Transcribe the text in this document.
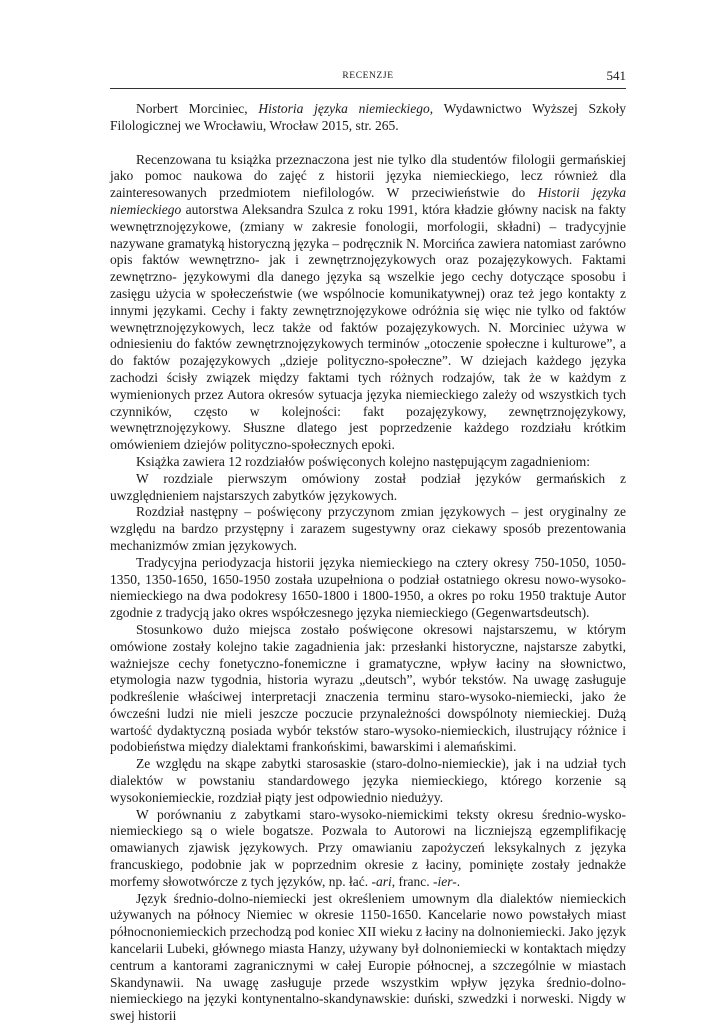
RECENZJE	541

Norbert Morciniec, Historia języka niemieckiego, Wydawnictwo Wyższej Szkoły Filologicznej we Wrocławiu, Wrocław 2015, str. 265.

Recenzowana tu książka przeznaczona jest nie tylko dla studentów filologii germańskiej jako pomoc naukowa do zajęć z historii języka niemieckiego, lecz również dla zainteresowanych przedmiotem niefilologów. W przeciwieństwie do Historii języka niemieckiego autorstwa Aleksandra Szulca z roku 1991, która kładzie główny nacisk na fakty wewnętrznojęzykowe, (zmiany w zakresie fonologii, morfologii, składni) – tradycyjnie nazywane gramatyką historyczną języka – podręcznik N. Morcińca zawiera natomiast zarówno opis faktów wewnętrzno- jak i zewnętrznojęzykowych oraz pozajęzykowych. Faktami zewnętrzno- językowymi dla danego języka są wszelkie jego cechy dotyczące sposobu i zasięgu użycia w społeczeństwie (we wspólnocie komunikatywnej) oraz też jego kontakty z innymi językami. Cechy i fakty zewnętrznojęzykowe odróżnia się więc nie tylko od faktów wewnętrznojęzykowych, lecz także od faktów pozajęzykowych. N. Morciniec używa w odniesieniu do faktów zewnętrznojęzykowych terminów „otoczenie społeczne i kulturowe”, a do faktów pozajęzykowych „dzieje polityczno-społeczne”. W dziejach każdego języka zachodzi ścisły związek między faktami tych różnych rodzajów, tak że w każdym z wymienionych przez Autora okresów sytuacja języka niemieckiego zależy od wszystkich tych czynników, często w kolejności: fakt pozajęzykowy, zewnętrznojęzykowy, wewnętrznojęzykowy. Słuszne dlatego jest poprzedzenie każdego rozdziału krótkim omówieniem dziejów polityczno-społecznych epoki.

Książka zawiera 12 rozdziałów poświęconych kolejno następującym zagadnieniom:

W rozdziale pierwszym omówiony został podział języków germańskich z uwzględnieniem najstarszych zabytków językowych.

Rozdział następny – poświęcony przyczynom zmian językowych – jest oryginalny ze względu na bardzo przystępny i zarazem sugestywny oraz ciekawy sposób prezentowania mechanizmów zmian językowych.

Tradycyjna periodyzacja historii języka niemieckiego na cztery okresy 750-1050, 1050-1350, 1350-1650, 1650-1950 została uzupełniona o podział ostatniego okresu nowo-wysoko-niemieckiego na dwa podokresy 1650-1800 i 1800-1950, a okres po roku 1950 traktuje Autor zgodnie z tradycją jako okres współczesnego języka niemieckiego (Gegenwartsdeutsch).

Stosunkowo dużo miejsca zostało poświęcone okresowi najstarszemu, w którym omówione zostały kolejno takie zagadnienia jak: przesłanki historyczne, najstarsze zabytki, ważniejsze cechy fonetyczno-fonemiczne i gramatyczne, wpływ łaciny na słownictwo, etymologia nazw tygodnia, historia wyrazu „deutsch”, wybór tekstów. Na uwagę zasługuje podkreślenie właściwej interpretacji znaczenia terminu staro-wysoko-niemiecki, jako że ówcześni ludzi nie mieli jeszcze poczucie przynależności dowspólnoty niemieckiej. Dużą wartość dydaktyczną posiada wybór tekstów staro-wysoko-niemieckich, ilustrujący różnice i podobieństwa między dialektami frankońskimi, bawarskimi i alemańskimi.

Ze względu na skąpe zabytki starosaskie (staro-dolno-niemieckie), jak i na udział tych dialektów w powstaniu standardowego języka niemieckiego, którego korzenie są wysokoniemieckie, rozdział piąty jest odpowiednio niedużyy.

W porównaniu z zabytkami staro-wysoko-niemickimi teksty okresu średnio-wysko-niemieckiego są o wiele bogatsze. Pozwala to Autorowi na liczniejszą egzemplifikację omawianych zjawisk językowych. Przy omawianiu zapożyczeń leksykalnych z języka francuskiego, podobnie jak w poprzednim okresie z łaciny, pominięte zostały jednakże morfemy słowotwórcze z tych języków, np. łać. -ari, franc. -ier-.

Język średnio-dolno-niemiecki jest określeniem umownym dla dialektów niemieckich używanych na północy Niemiec w okresie 1150-1650. Kancelarie nowo powstałych miast północnoniemieckich przechodzą pod koniec XII wieku z łaciny na dolnoniemiecki. Jako język kancelarii Lubeki, głównego miasta Hanzy, używany był dolnoniemiecki w kontaktach między centrum a kantorami zagranicznymi w całej Europie północnej, a szczególnie w miastach Skandynawii. Na uwagę zasługuje przede wszystkim wpływ języka średnio-dolno-niemieckiego na języki kontynentalno-skandynawskie: duński, szwedzki i norweski. Nigdy w swej historii
